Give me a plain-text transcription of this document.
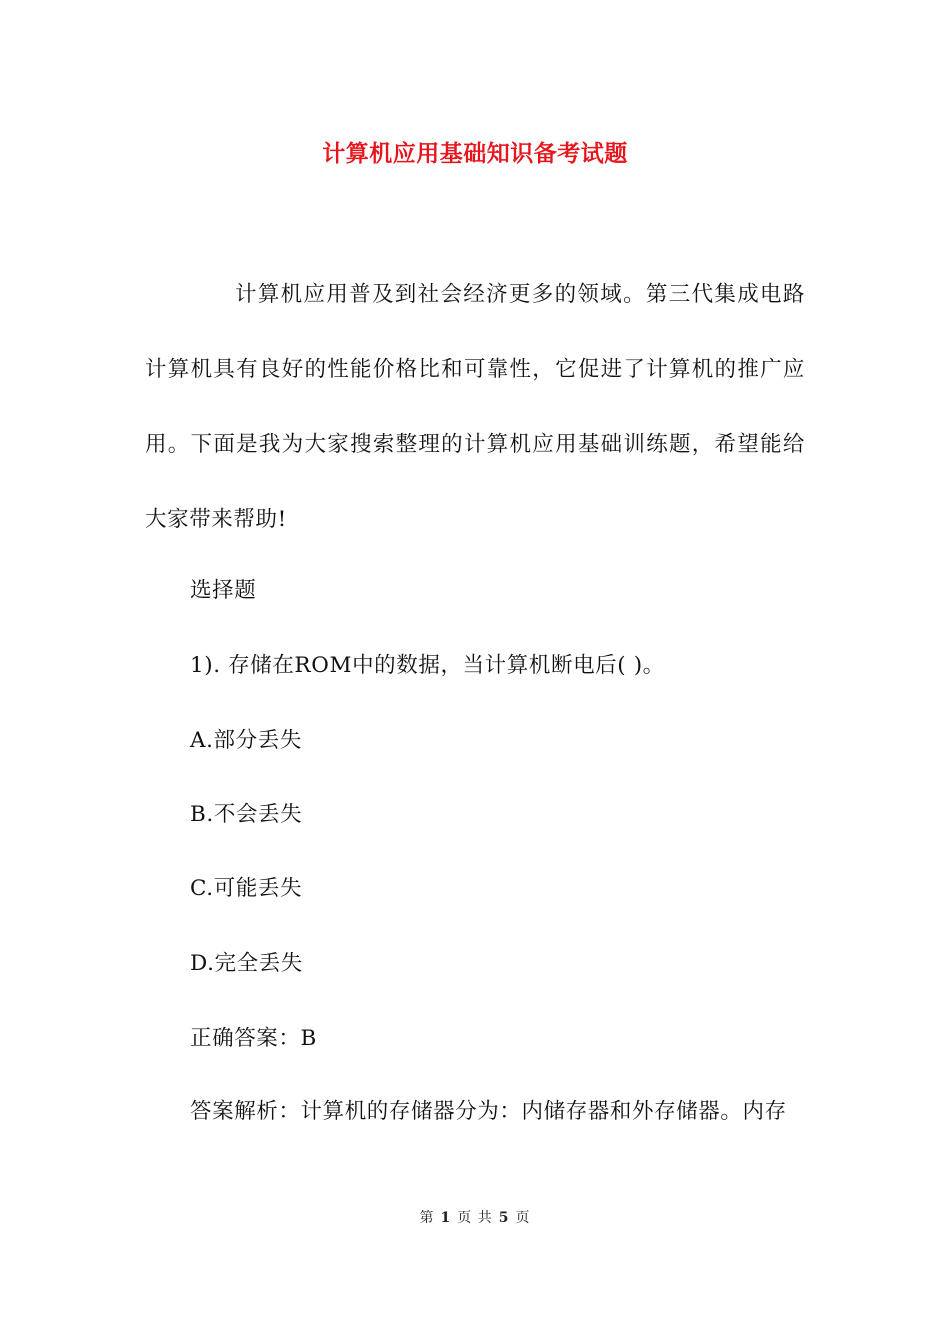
计算机应用基础知识备考试题
计算机应用普及到社会经济更多的领域。第三代集成电路计算机具有良好的性能价格比和可靠性，它促进了计算机的推广应用。下面是我为大家搜索整理的计算机应用基础训练题，希望能给大家带来帮助!
选择题
1). 存储在ROM中的数据，当计算机断电后( )。
A.部分丢失
B.不会丢失
C.可能丢失
D.完全丢失
正确答案：B
答案解析：计算机的存储器分为：内储存器和外存储器。内存
第 1 页 共 5 页
